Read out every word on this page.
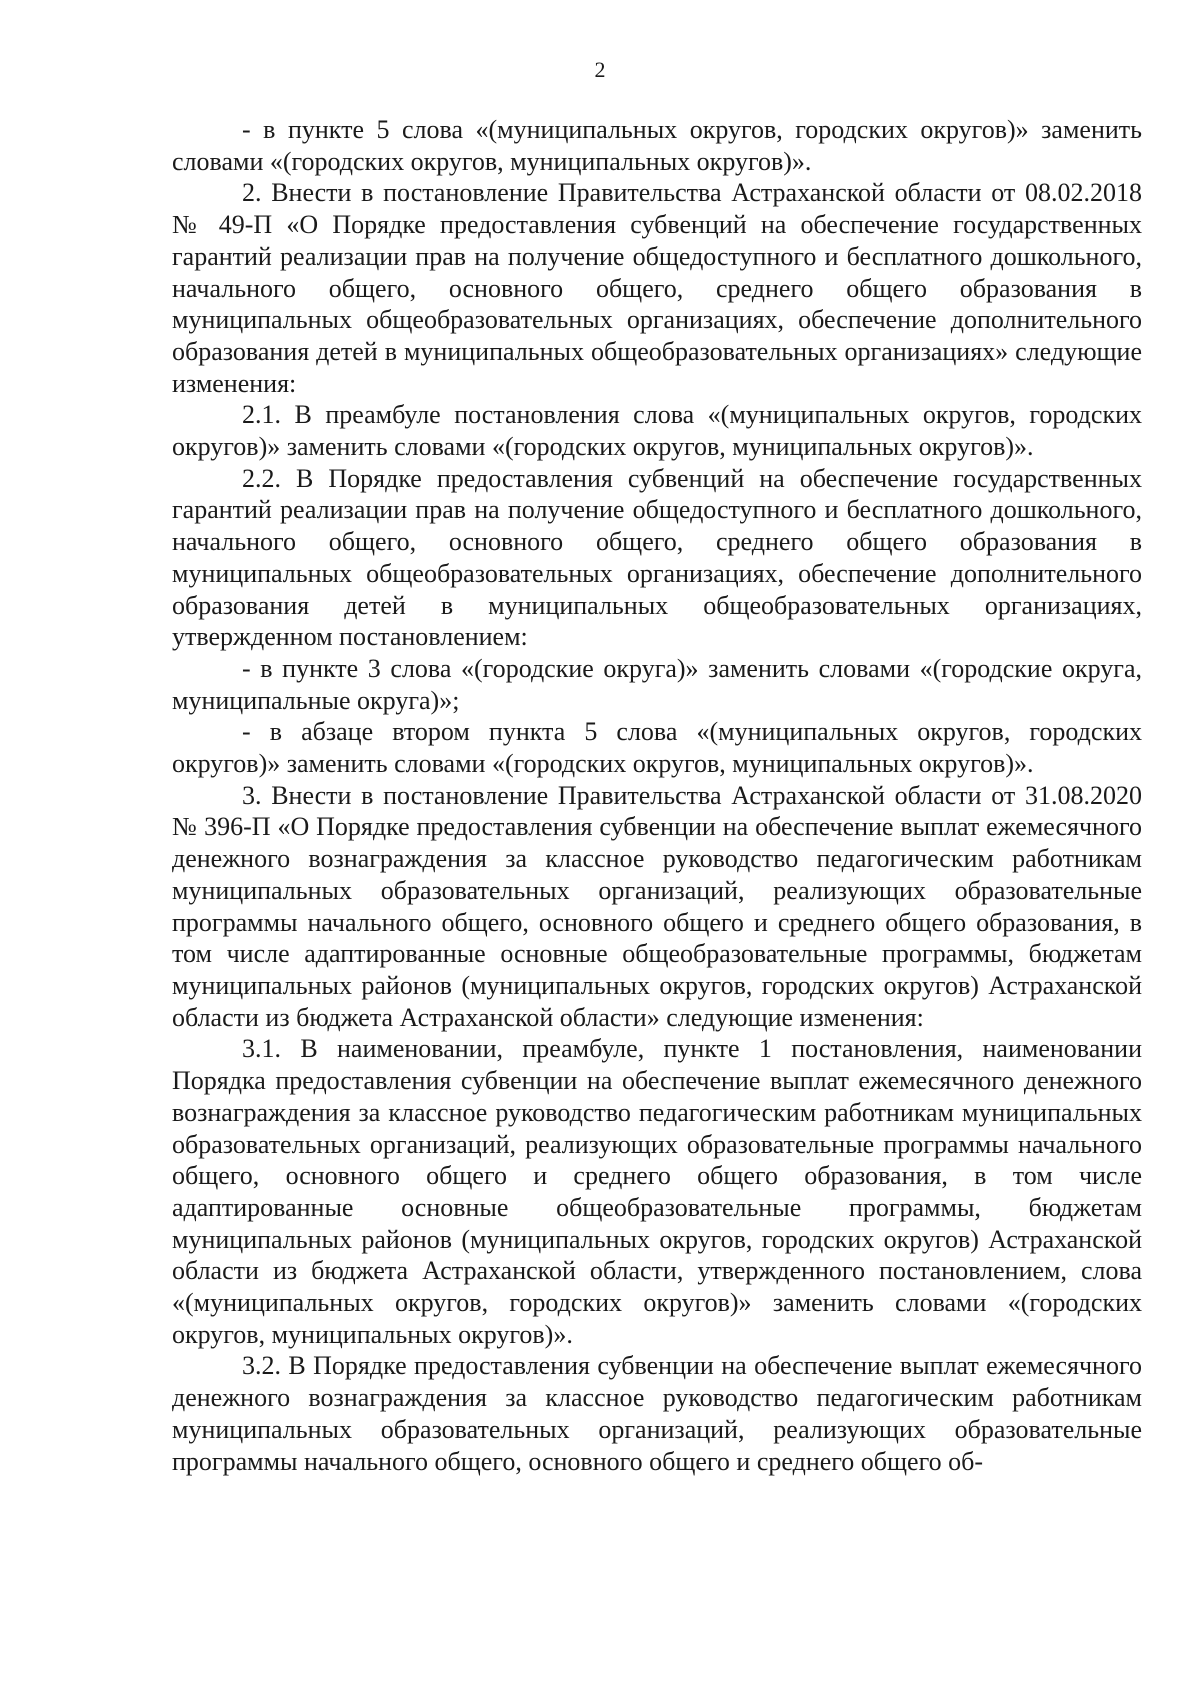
2

- в пункте 5 слова «(муниципальных округов, городских округов)» заменить словами «(городских округов, муниципальных округов)».

2. Внести в постановление Правительства Астраханской области от 08.02.2018 № 49-П «О Порядке предоставления субвенций на обеспечение государственных гарантий реализации прав на получение общедоступного и бесплатного дошкольного, начального общего, основного общего, среднего общего образования в муниципальных общеобразовательных организациях, обеспечение дополнительного образования детей в муниципальных общеобразовательных организациях» следующие изменения:

2.1. В преамбуле постановления слова «(муниципальных округов, городских округов)» заменить словами «(городских округов, муниципальных округов)».

2.2. В Порядке предоставления субвенций на обеспечение государственных гарантий реализации прав на получение общедоступного и бесплатного дошкольного, начального общего, основного общего, среднего общего образования в муниципальных общеобразовательных организациях, обеспечение дополнительного образования детей в муниципальных общеобразовательных организациях, утвержденном постановлением:

- в пункте 3 слова «(городские округа)» заменить словами «(городские округа, муниципальные округа)»;

- в абзаце втором пункта 5 слова «(муниципальных округов, городских округов)» заменить словами «(городских округов, муниципальных округов)».

3. Внести в постановление Правительства Астраханской области от 31.08.2020 № 396-П «О Порядке предоставления субвенции на обеспечение выплат ежемесячного денежного вознаграждения за классное руководство педагогическим работникам муниципальных образовательных организаций, реализующих образовательные программы начального общего, основного общего и среднего общего образования, в том числе адаптированные основные общеобразовательные программы, бюджетам муниципальных районов (муниципальных округов, городских округов) Астраханской области из бюджета Астраханской области» следующие изменения:

3.1. В наименовании, преамбуле, пункте 1 постановления, наименовании Порядка предоставления субвенции на обеспечение выплат ежемесячного денежного вознаграждения за классное руководство педагогическим работникам муниципальных образовательных организаций, реализующих образовательные программы начального общего, основного общего и среднего общего образования, в том числе адаптированные основные общеобразовательные программы, бюджетам муниципальных районов (муниципальных округов, городских округов) Астраханской области из бюджета Астраханской области, утвержденного постановлением, слова «(муниципальных округов, городских округов)» заменить словами «(городских округов, муниципальных округов)».

3.2. В Порядке предоставления субвенции на обеспечение выплат ежемесячного денежного вознаграждения за классное руководство педагогическим работникам муниципальных образовательных организаций, реализующих образовательные программы начального общего, основного общего и среднего общего об-
